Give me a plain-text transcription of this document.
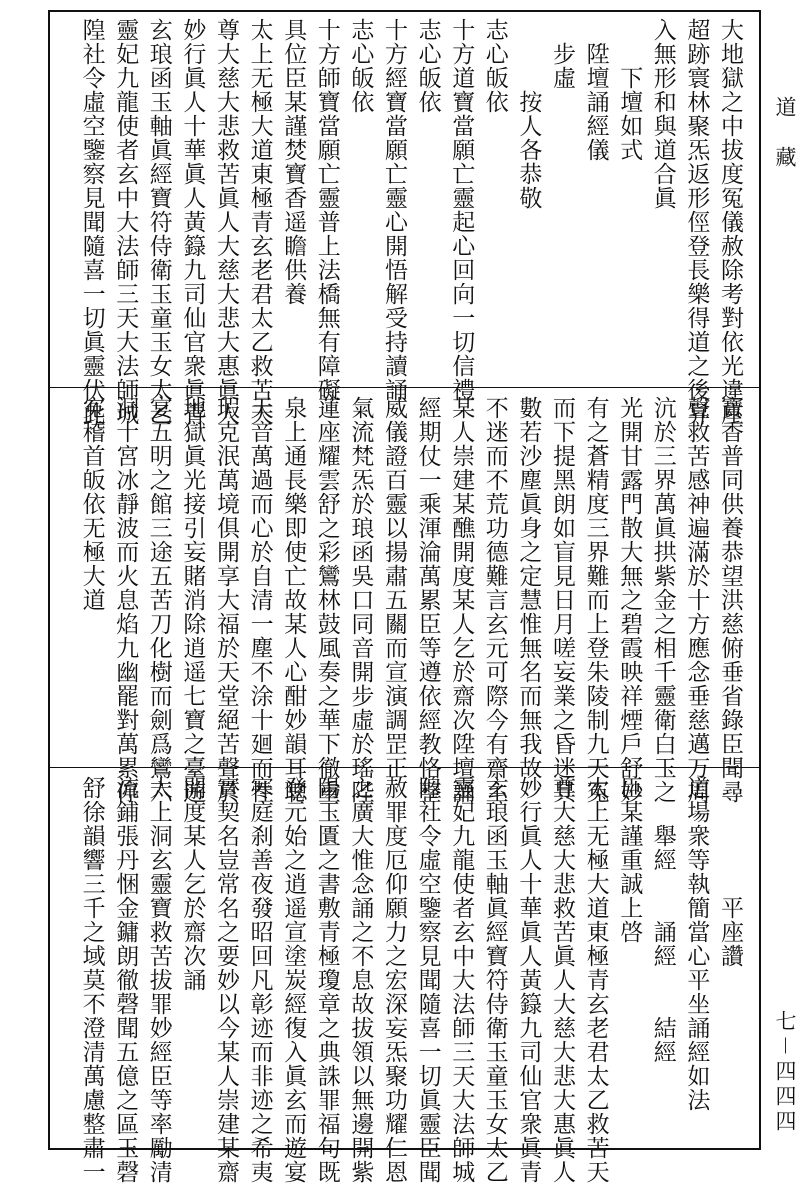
道　藏
七－四四四
大地獄之中拔度冤儀赦除考對依光違座
超跡寰林聚炁返形俓登長樂得道之後昇
入無形和與道合眞
　　下壇如式
　陞壇誦經儀
　步虛
　　　按人各恭敬
志心皈依
十方道寶當願亡靈起心回向一切信禮
志心皈依
十方經寶當願亡靈心開悟解受持讀誦
志心皈依
十方師寶當願亡靈普上法橋無有障礙
具位臣某謹焚寶香遥瞻供養
太上无極大道東極青玄老君太乙救苦天
尊大慈大悲救苦眞人大慈大悲大惠眞人
妙行眞人十華眞人黃籙九司仙官衆眞青
玄琅函玉軸眞經寶符侍衛玉童玉女太乙
靈妃九龍使者玄中大法師三天大法師城
隍社令虛空鑒察見聞隨喜一切眞靈伏此
寶香普同供養恭望洪慈俯垂省錄臣聞尋
聲救苦感神遍滿於十方應念垂慈邁万周
沆於三界萬眞拱紫金之相千靈衛白玉之
光開甘露門散大無之碧霞映祥煙戶舒妙
有之蒼精度三界難而上登朱陵制九天冤
而下提黑朗如盲見日月嗟妄業之昏迷其
數若沙塵眞身之定慧惟無名而無我故
不迷而不荒功德難言玄元可際今有齋主
某人崇建某醮開度某人乞於齋次陞壇誦
經期仗一乘渾淪萬累臣等遵依經教恪整
威儀證百靈以揚肅五關而宣演調罡正
氣流梵炁於琅函吳口同音開步虛於瑤陛
蓮座耀雲舒之彩鸞林鼓風奏之華下徹重
泉上通長樂即使亡故某人心酣妙韻耳聰
天音萬過而心於自清一塵不涂十廻而性
瑕克泯萬境俱開享大福於天堂絕苦聲於
地獄眞光接引妄賭消除逍遥七寶之臺遊
宴五明之館三途五苦刀化樹而劍爲鸞六
洞十宮冰靜波而火息焰九幽罷對萬累停
寃稽首皈依无極大道
　　　　　平座讚
道場衆等執簡當心平坐誦經如法
　　舉經　　誦經　　結經
臣某謹重誠上啓
太上无極大道東極青玄老君太乙救苦天
尊大慈大悲救苦眞人大慈大悲大惠眞人
妙行眞人十華眞人黃籙九司仙官衆眞青
玄琅函玉軸眞經寶符侍衛玉童玉女太乙
靈妃九龍使者玄中大法師三天大法師城
隍社令虛空鑒察見聞隨喜一切眞靈臣聞
赦罪度厄仰願力之宏深妄炁聚功耀仁恩
之廣大惟念誦之不息故拔領以無邊開紫
陽玉匱之書敷青極瓊章之典誅罪福句既
登元始之逍遥宣塗炭經復入眞玄而遊宴
寒庭刹善夜發昭回凡彰迹而非迹之希夷
實契名豈常名之要妙以今某人崇建某齋
開度某人乞於齋次誦
太上洞玄靈寶救苦拔罪妙經臣等率勵清
流鋪張丹悃金鏞朗徹磬聞五億之區玉磬
舒徐韻響三千之域莫不澄清萬慮整肅一
